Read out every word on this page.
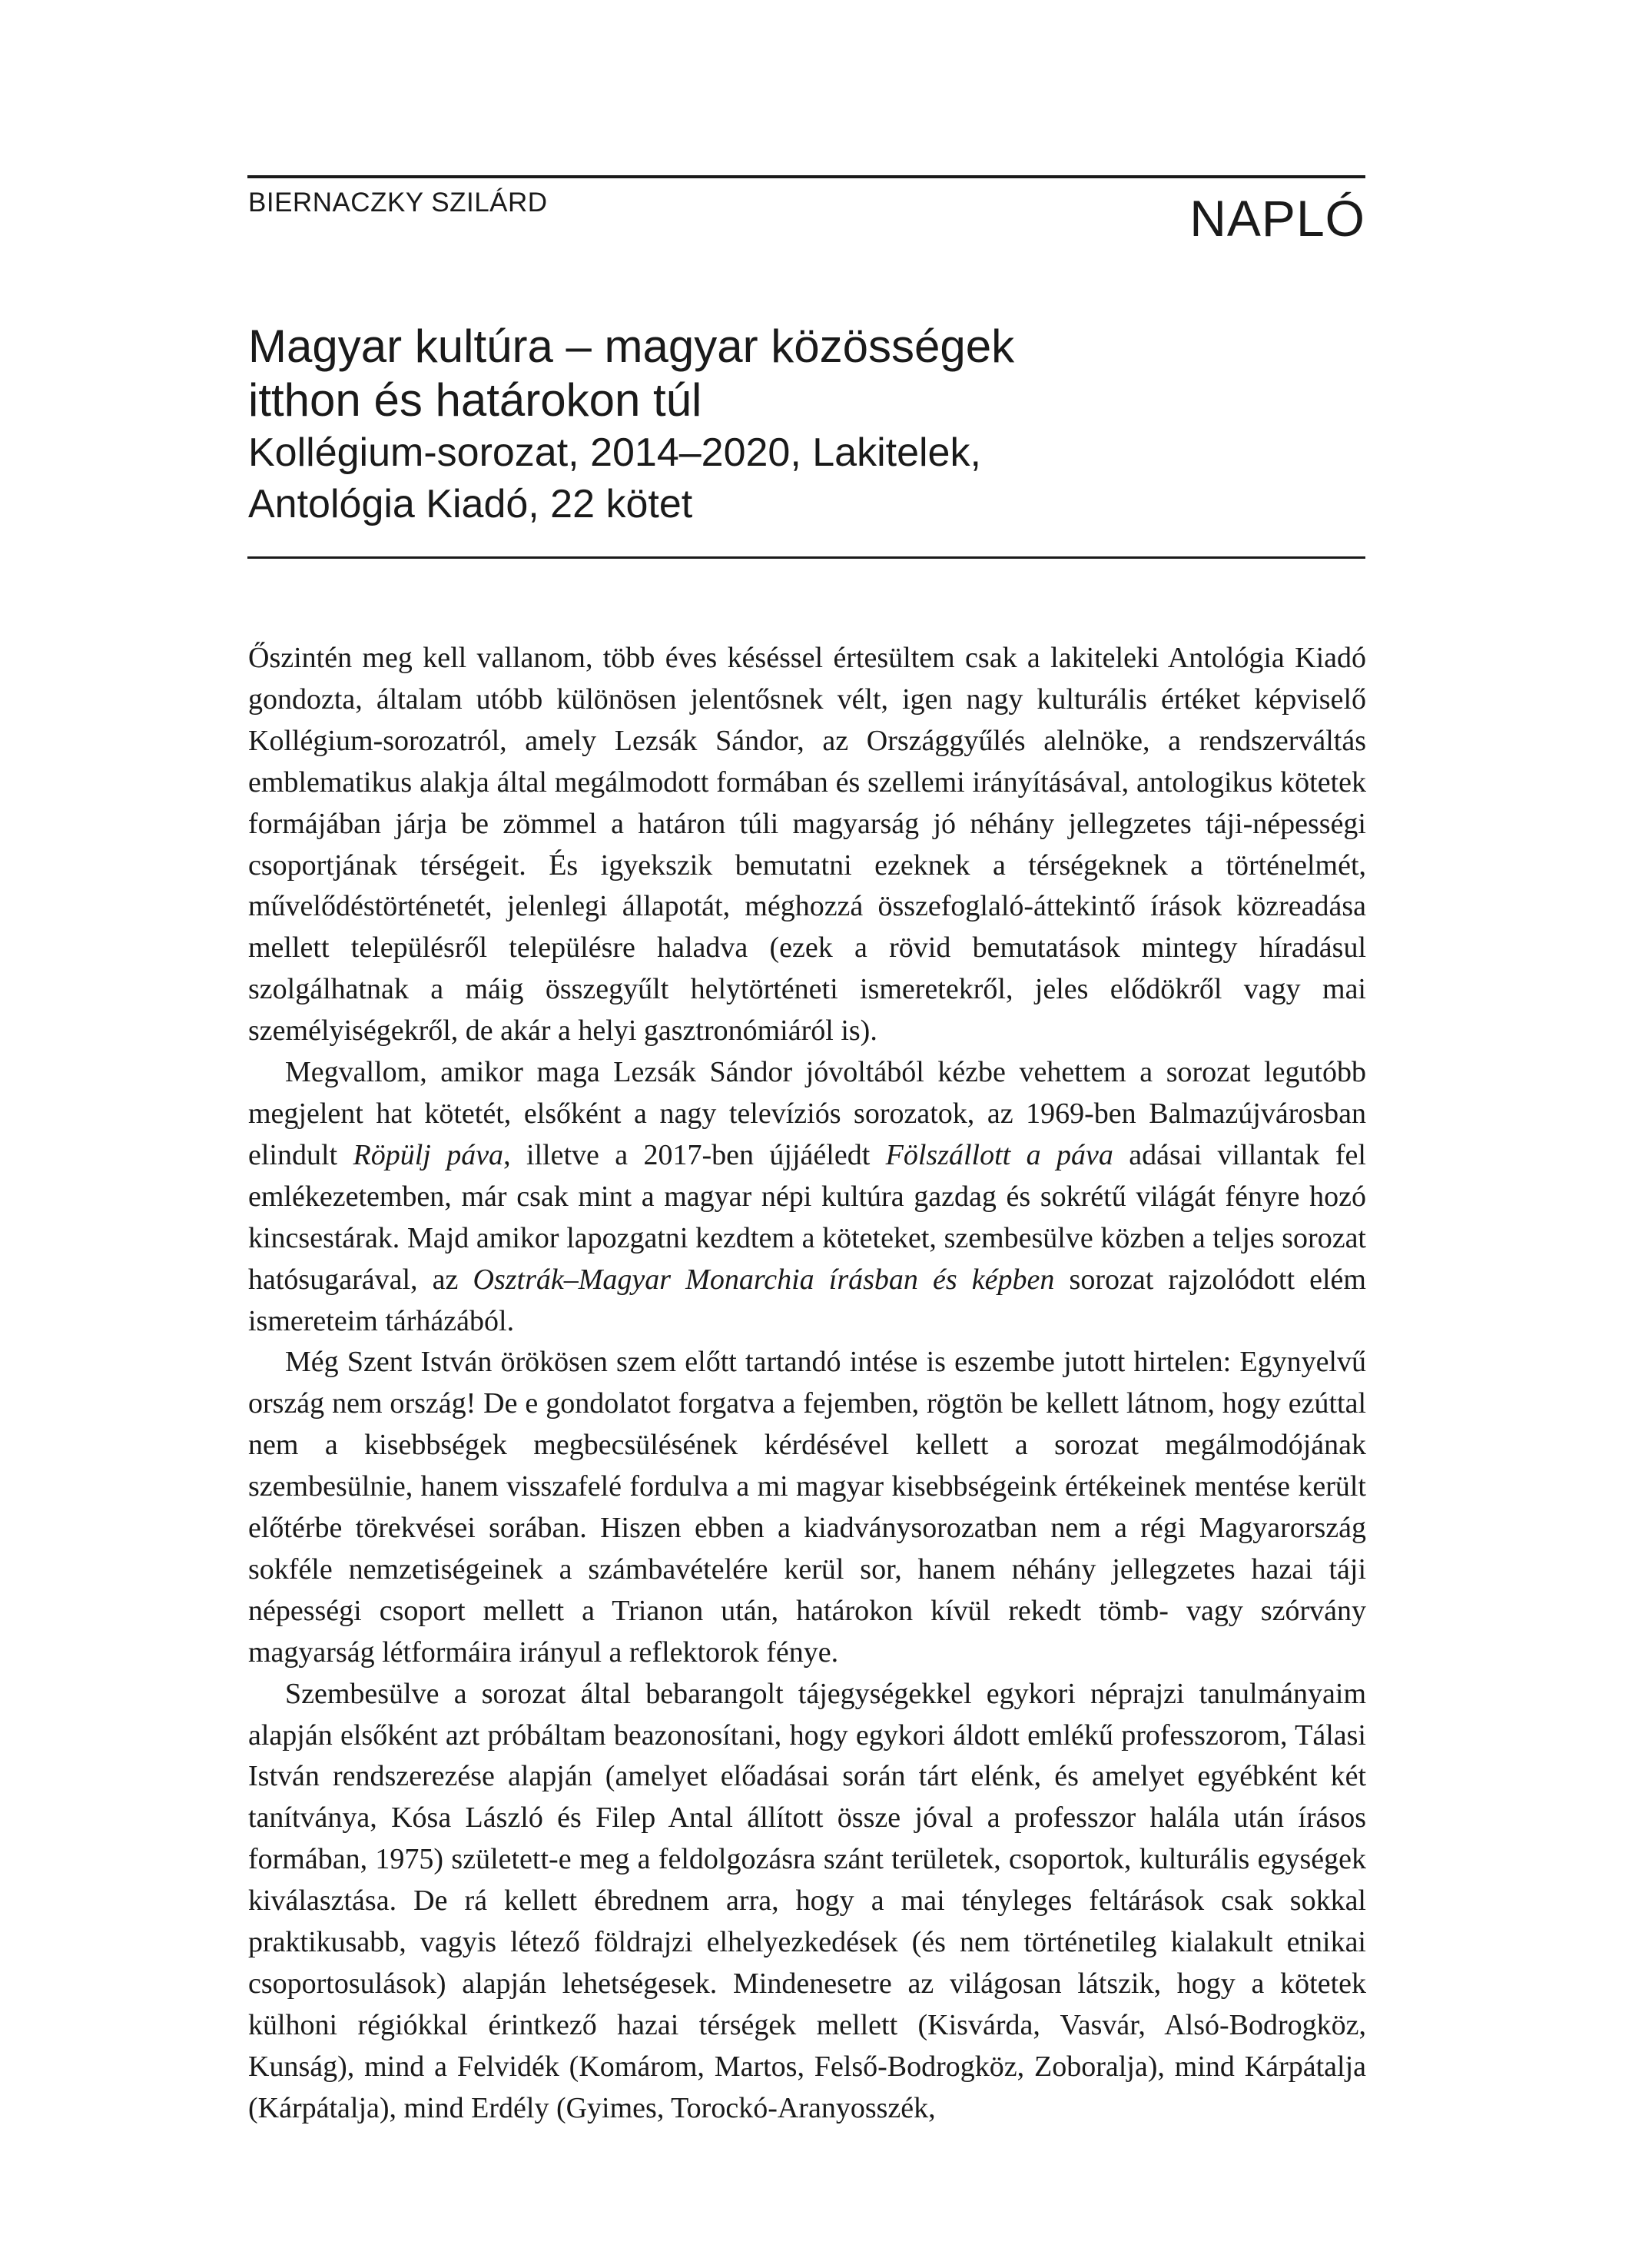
BIERNACZKY SZILÁRD	NAPLÓ
Magyar kultúra – magyar közösségek
itthon és határokon túl
Kollégium-sorozat, 2014–2020, Lakitelek,
Antológia Kiadó, 22 kötet

Őszintén meg kell vallanom, több éves késéssel értesültem csak a lakiteleki Antológia Kiadó gondozta, általam utóbb különösen jelentősnek vélt, igen nagy kulturális értéket képviselő Kollégium-sorozatról, amely Lezsák Sándor, az Országgyűlés alelnöke, a rendszerváltás emblematikus alakja által megálmodott formában és szellemi irányításával, antologikus kötetek formájában járja be zömmel a határon túli magyarság jó néhány jellegzetes táji-népességi csoportjának térségeit. És igyekszik bemutatni ezeknek a térségeknek a történelmét, művelődéstörténetét, jelenlegi állapotát, méghozzá összefoglaló-áttekintő írások közreadása mellett településről településre haladva (ezek a rövid bemutatások mintegy híradásul szolgálhatnak a máig összegyűlt helytörténeti ismeretekről, jeles elődökről vagy mai személyiségekről, de akár a helyi gasztronómiáról is).

Megvallom, amikor maga Lezsák Sándor jóvoltából kézbe vehettem a sorozat legutóbb megjelent hat kötetét, elsőként a nagy televíziós sorozatok, az 1969-ben Balmazújvárosban elindult Röpülj páva, illetve a 2017-ben újjáéledt Fölszállott a páva adásai villantak fel emlékezetemben, már csak mint a magyar népi kultúra gazdag és sokrétű világát fényre hozó kincsestárak. Majd amikor lapozgatni kezdtem a köteteket, szembesülve közben a teljes sorozat hatósugarával, az Osztrák–Magyar Monarchia írásban és képben sorozat rajzolódott elém ismereteim tárházából.

Még Szent István örökösen szem előtt tartandó intése is eszembe jutott hirtelen: Egynyelvű ország nem ország! De e gondolatot forgatva a fejemben, rögtön be kellett látnom, hogy ezúttal nem a kisebbségek megbecsülésének kérdésével kellett a sorozat megálmodójának szembesülnie, hanem visszafelé fordulva a mi magyar kisebbségeink értékeinek mentése került előtérbe törekvései sorában. Hiszen ebben a kiadványsorozatban nem a régi Magyarország sokféle nemzetiségeinek a számbavételére kerül sor, hanem néhány jellegzetes hazai táji népességi csoport mellett a Trianon után, határokon kívül rekedt tömb- vagy szórvány magyarság létformáira irányul a reflektorok fénye.

Szembesülve a sorozat által bebarangolt tájegységekkel egykori néprajzi tanulmányaim alapján elsőként azt próbáltam beazonosítani, hogy egykori áldott emlékű professzorom, Tálasi István rendszerezése alapján (amelyet előadásai során tárt elénk, és amelyet egyébként két tanítványa, Kósa László és Filep Antal állított össze jóval a professzor halála után írásos formában, 1975) született-e meg a feldolgozásra szánt területek, csoportok, kulturális egységek kiválasztása. De rá kellett ébrednem arra, hogy a mai tényleges feltárások csak sokkal praktikusabb, vagyis létező földrajzi elhelyezkedések (és nem történetileg kialakult etnikai csoportosulások) alapján lehetségesek. Mindenesetre az világosan látszik, hogy a kötetek külhoni régiókkal érintkező hazai térségek mellett (Kisvárda, Vasvár, Alsó-Bodrogköz, Kunság), mind a Felvidék (Komárom, Martos, Felső-Bodrogköz, Zoboralja), mind Kárpátalja (Kárpátalja), mind Erdély (Gyimes, Torockó-Aranyosszék,
